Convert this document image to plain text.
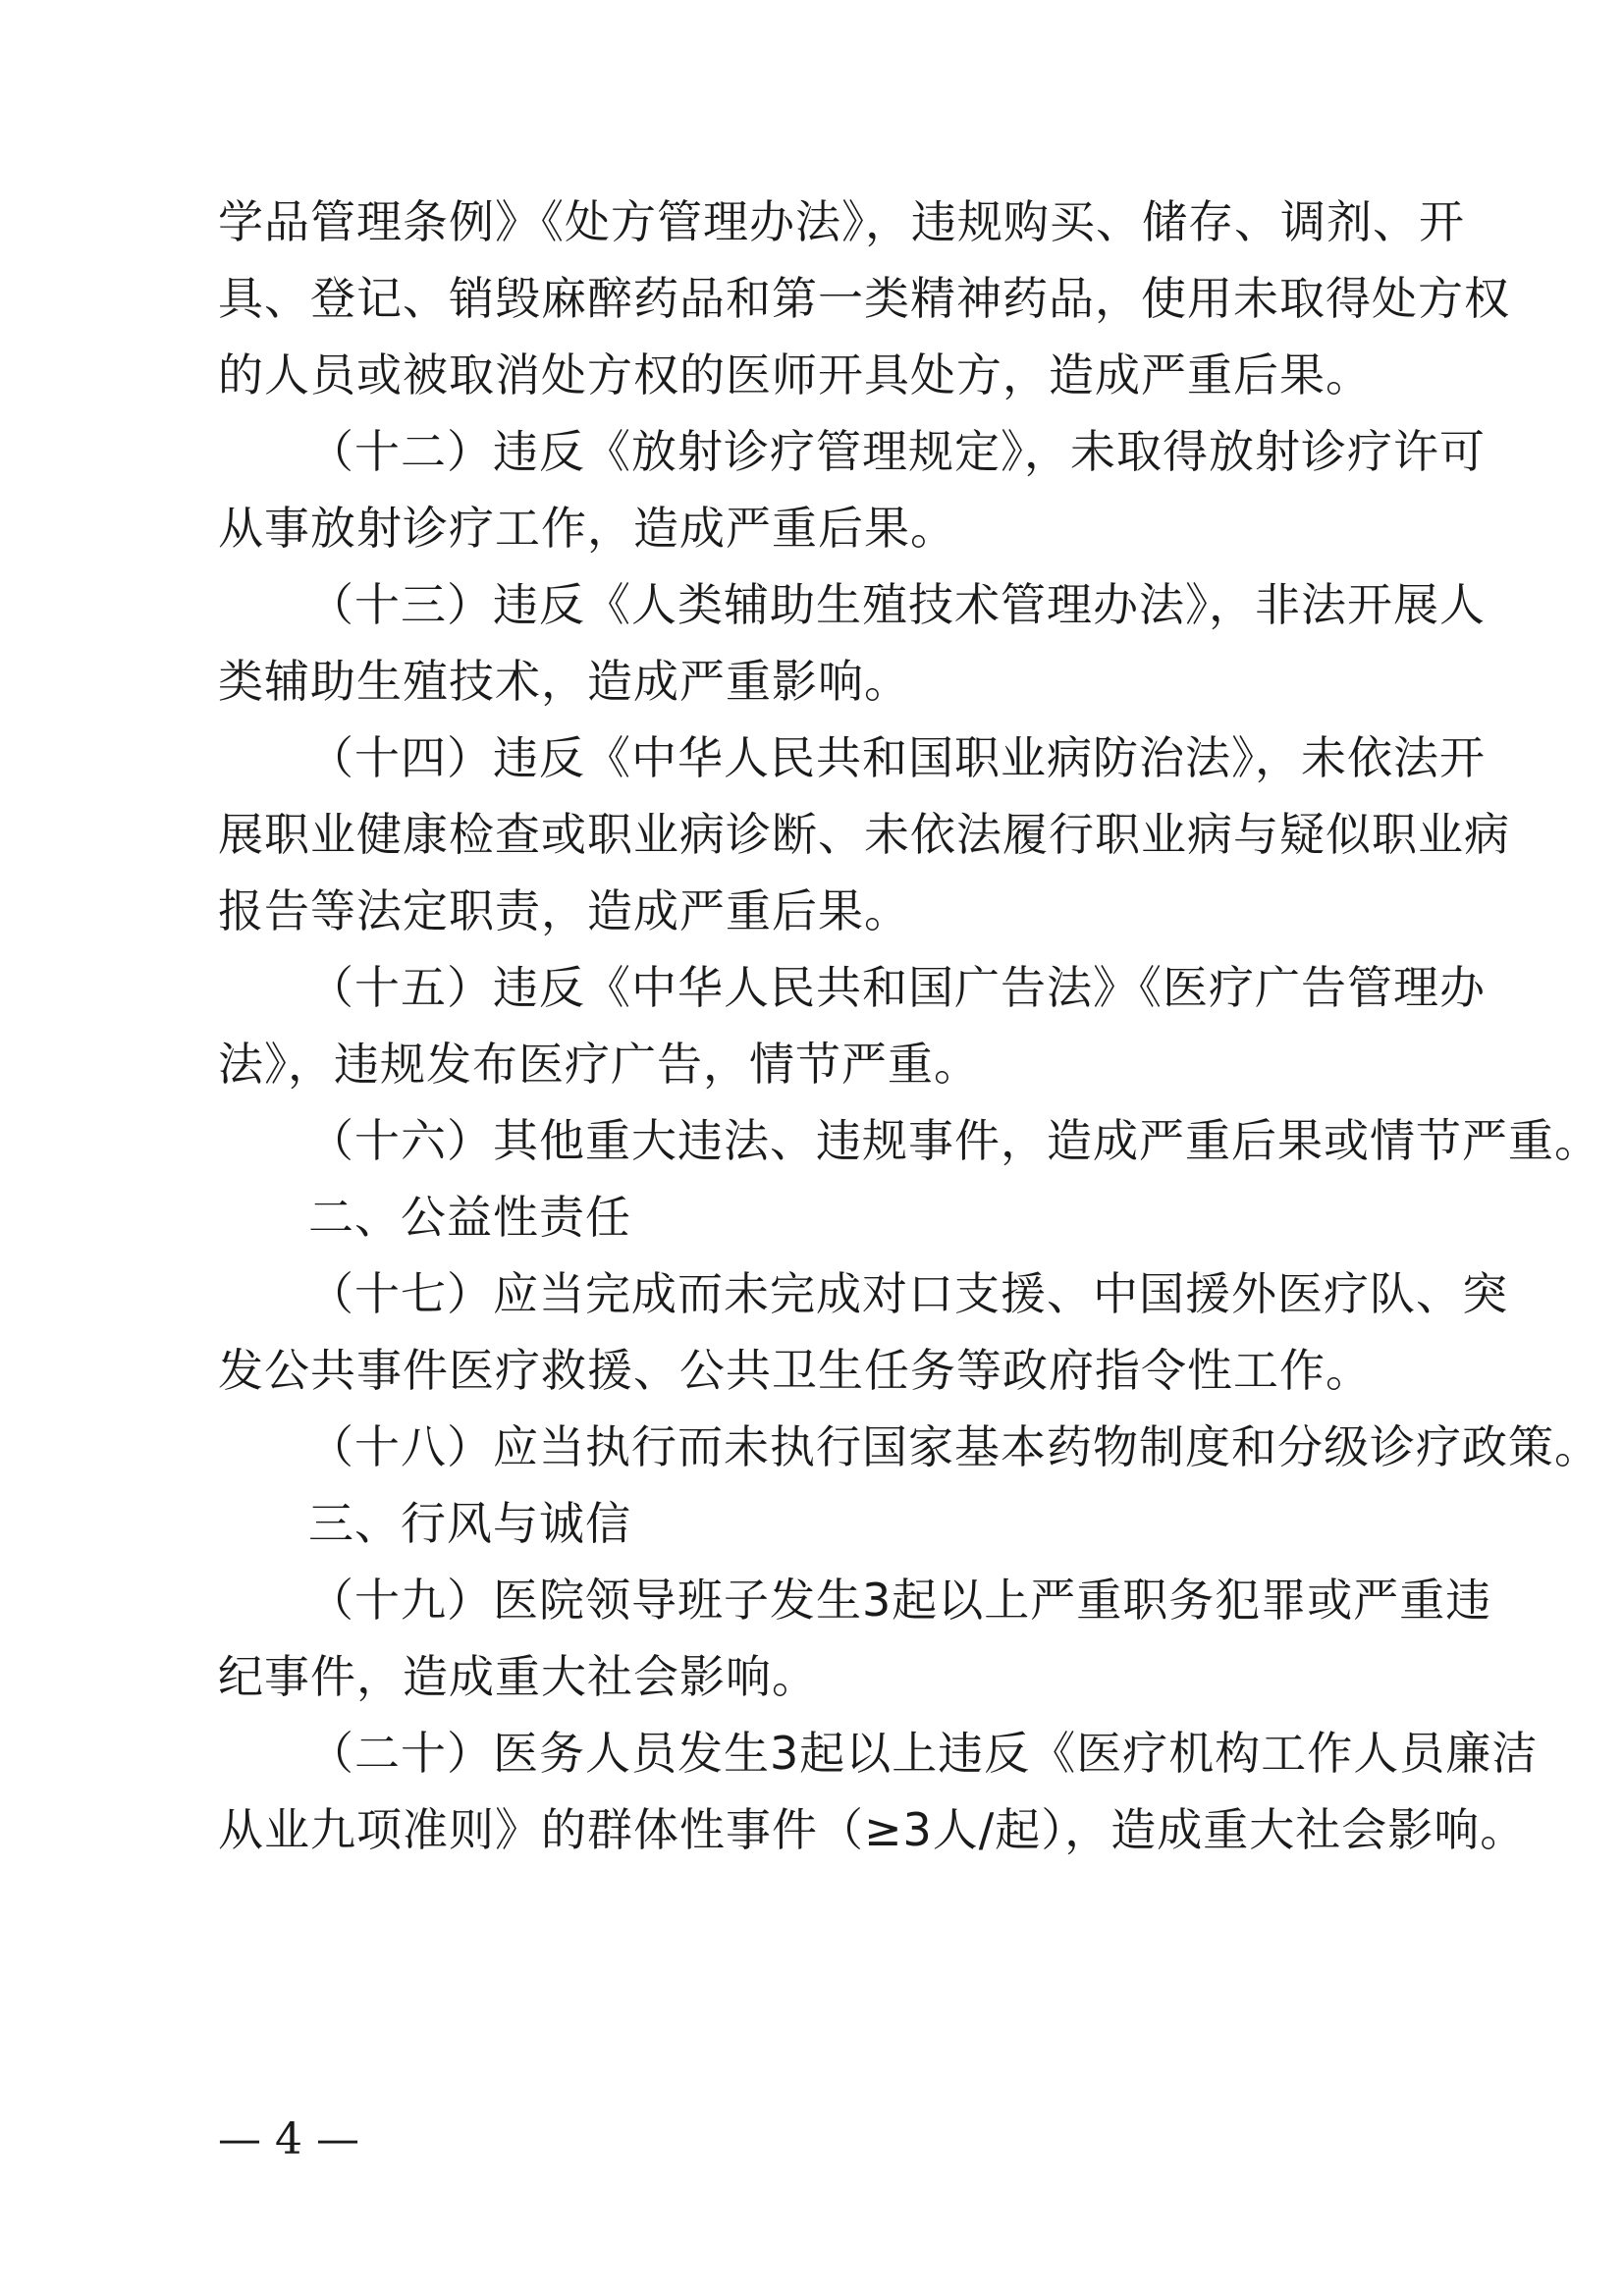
学品管理条例》《处方管理办法》，违规购买、储存、调剂、开
具、登记、销毁麻醉药品和第一类精神药品，使用未取得处方权
的人员或被取消处方权的医师开具处方，造成严重后果。
（十二）违反《放射诊疗管理规定》，未取得放射诊疗许可
从事放射诊疗工作，造成严重后果。
（十三）违反《人类辅助生殖技术管理办法》，非法开展人
类辅助生殖技术，造成严重影响。
（十四）违反《中华人民共和国职业病防治法》，未依法开
展职业健康检查或职业病诊断、未依法履行职业病与疑似职业病
报告等法定职责，造成严重后果。
（十五）违反《中华人民共和国广告法》《医疗广告管理办
法》，违规发布医疗广告，情节严重。
（十六）其他重大违法、违规事件，造成严重后果或情节严重。
二、公益性责任
（十七）应当完成而未完成对口支援、中国援外医疗队、突
发公共事件医疗救援、公共卫生任务等政府指令性工作。
（十八）应当执行而未执行国家基本药物制度和分级诊疗政策。
三、行风与诚信
（十九）医院领导班子发生3起以上严重职务犯罪或严重违
纪事件，造成重大社会影响。
（二十）医务人员发生3起以上违反《医疗机构工作人员廉洁
从业九项准则》的群体性事件（≥3人/起），造成重大社会影响。
— 4 —
